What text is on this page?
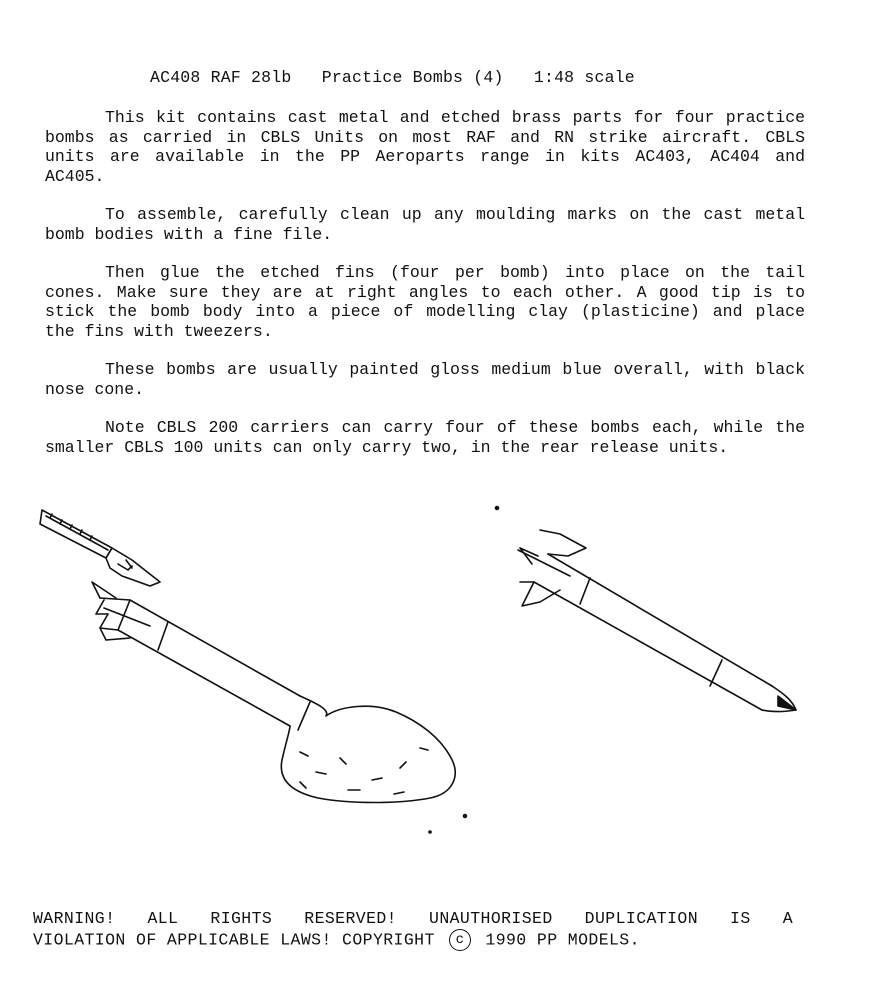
AC408 RAF 28lb   Practice Bombs (4)   1:48 scale

This kit contains cast metal and etched brass parts for four practice bombs as carried in CBLS Units on most RAF and RN strike aircraft. CBLS units are available in the PP Aeroparts range in kits AC403, AC404 and AC405.

To assemble, carefully clean up any moulding marks on the cast metal bomb bodies with a fine file.

Then glue the etched fins (four per bomb) into place on the tail cones. Make sure they are at right angles to each other. A good tip is to stick the bomb body into a piece of modelling clay (plasticine) and place the fins with tweezers.

These bombs are usually painted gloss medium blue overall, with black nose cone.

Note CBLS 200 carriers can carry four of these bombs each, while the smaller CBLS 100 units can only carry two, in the rear release units.

WARNING! ALL RIGHTS RESERVED! UNAUTHORISED DUPLICATION IS A
VIOLATION OF APPLICABLE LAWS! COPYRIGHT c 1990 PP MODELS.
